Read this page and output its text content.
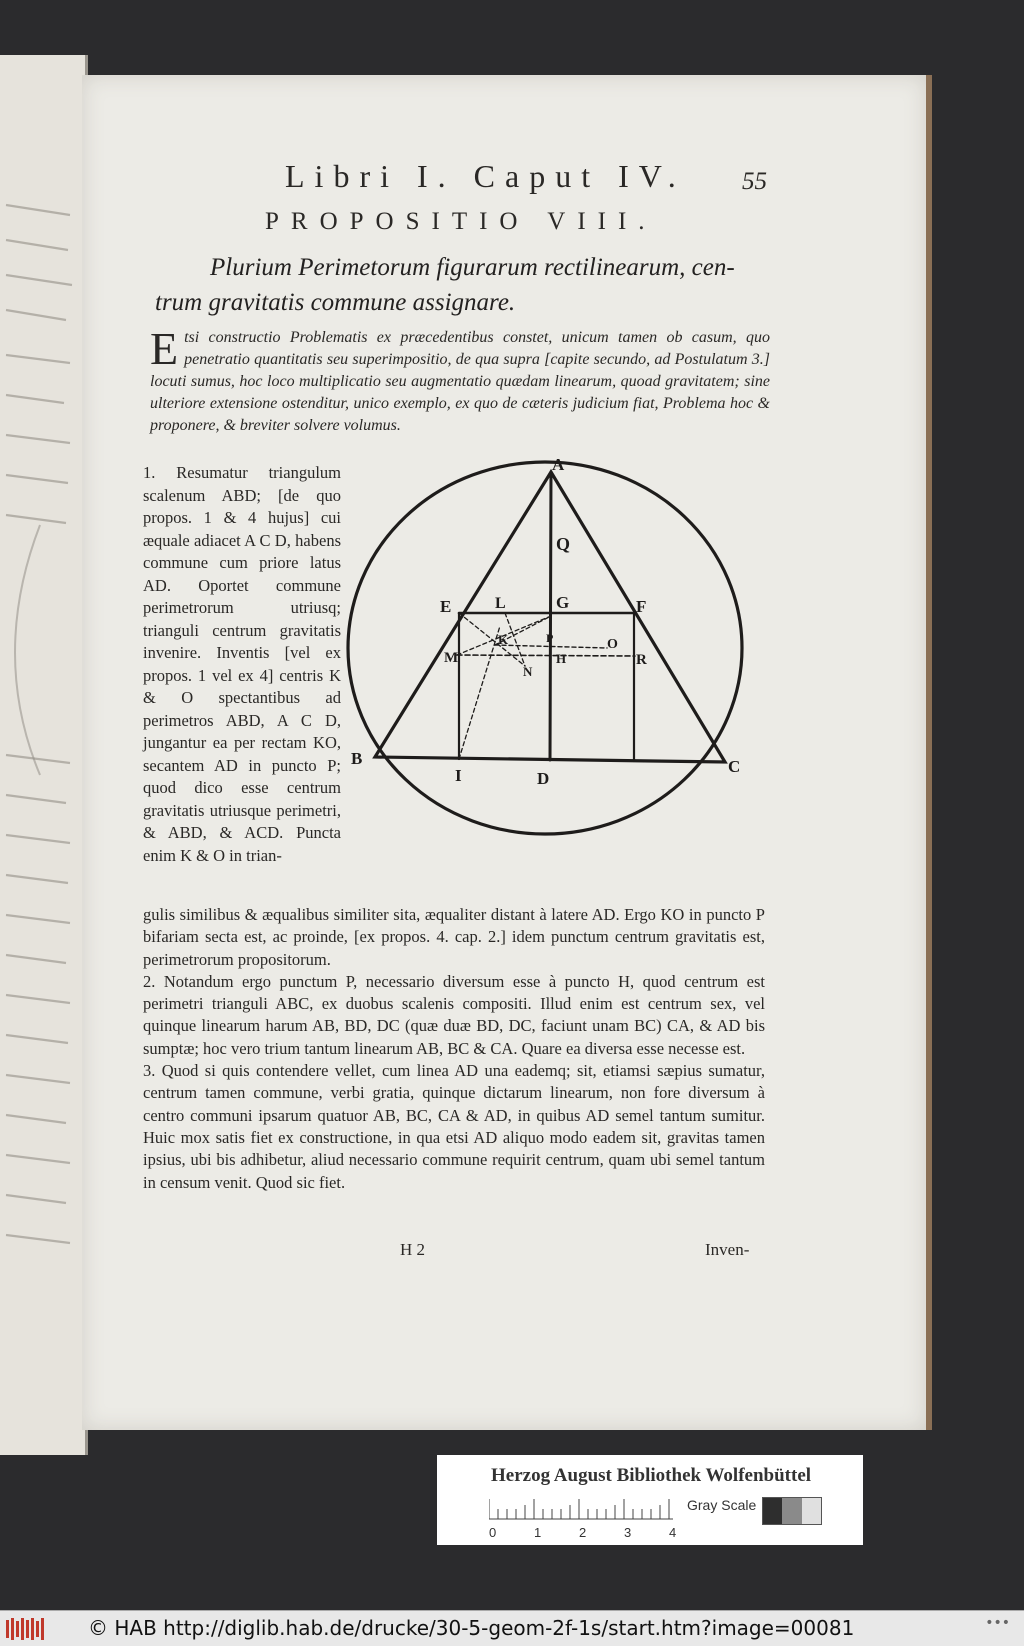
Libri I. Caput IV. 55
PROPOSITIO VIII.
Plurium Perimetorum figurarum rectilinearum, cen-
trum gravitatis commune assignare.
E tsi constructio Problematis ex præcedentibus constet, unicum tamen ob casum, quo penetratio quantitatis seu superimpositio, de qua supra [capite secundo, ad Postulatum 3.] locuti sumus, hoc loco multiplicatio seu augmentatio quædam linearum, quoad gravitatem; sine ulteriore extensione ostenditur, unico exemplo, ex quo de cæteris judicium fiat, Problema hoc & proponere, & breviter solvere volumus.
1. Resumatur triangulum scalenum ABD; [de quo propos. 1 & 4 hujus] cui æquale adiacet A C D, habens commune cum priore latus AD. Oportet commune perimetrorum utriusq; trianguli centrum gravitatis invenire. Inventis [vel ex propos. 1 vel ex 4] centris K & O spectantibus ad perimetros ABD, A C D, jungantur ea per rectam KO, secantem AD in puncto P; quod dico esse centrum gravitatis utriusque perimetri, & ABD, & ACD. Puncta enim K & O in trian-
A
B	C
D
E	F
G
H
I
K
L
M
N
O
P
Q
R

gulis similibus & æqualibus similiter sita, æqualiter distant à latere AD. Ergo KO in puncto P bifariam secta est, ac proinde, [ex propos. 4. cap. 2.] idem punctum centrum gravitatis est, perimetrorum propositorum.

2. Notandum ergo punctum P, necessario diversum esse à puncto H, quod centrum est perimetri trianguli ABC, ex duobus scalenis compositi. Illud enim est centrum sex, vel quinque linearum harum AB, BD, DC (quæ duæ BD, DC, faciunt unam BC) CA, & AD bis sumptæ; hoc vero trium tantum linearum AB, BC & CA. Quare ea diversa esse necesse est.

3. Quod si quis contendere vellet, cum linea AD una eademq; sit, etiamsi sæpius sumatur, centrum tamen commune, verbi gratia, quinque dictarum linearum, non fore diversum à centro communi ipsarum quatuor AB, BC, CA & AD, in quibus AD semel tantum sumitur. Huic mox satis fiet ex constructione, in qua etsi AD aliquo modo eadem sit, gravitas tamen ipsius, ubi bis adhibetur, aliud necessario commune requirit centrum, quam ubi semel tantum in censum venit. Quod sic fiet.

H 2	Inven-
Herzog August Bibliothek Wolfenbüttel
0	1	2	3	4
Gray Scale
© HAB http://diglib.hab.de/drucke/30-5-geom-2f-1s/start.htm?image=00081	•••
